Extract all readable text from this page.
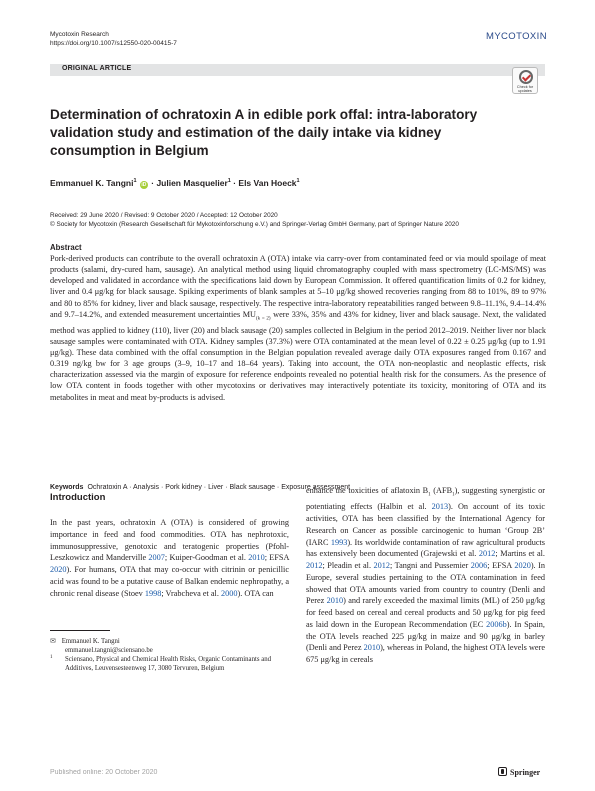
Mycotoxin Research
https://doi.org/10.1007/s12550-020-00415-7
MYCOTOXIN
ORIGINAL ARTICLE
Check for
updates
Determination of ochratoxin A in edible pork offal: intra-laboratory validation study and estimation of the daily intake via kidney consumption in Belgium
Emmanuel K. Tangni$^1$ iD · Julien Masquelier$^1$ · Els Van Hoeck$^1$
Received: 29 June 2020 / Revised: 9 October 2020 / Accepted: 12 October 2020
© Society for Mycotoxin (Research Gesellschaft für Mykotoxinforschung e.V.) and Springer-Verlag GmbH Germany, part of Springer Nature 2020
Abstract

Pork-derived products can contribute to the overall ochratoxin A (OTA) intake via carry-over from contaminated feed or via mould spoilage of meat products (salami, dry-cured ham, sausage). An analytical method using liquid chromatography coupled with mass spectrometry (LC-MS/MS) was developed and validated in accordance with the specifications laid down by European Commission. It offered quantification limits of 0.2 for kidney, liver and 0.4 μg/kg for black sausage. Spiking experiments of blank samples at 5–10 μg/kg showed recoveries ranging from 88 to 101%, 89 to 97% and 80 to 85% for kidney, liver and black sausage, respectively. The respective intra-laboratory repeatabilities ranged between 9.8–11.1%, 9.4–14.4% and 9.7–14.2%, and extended measurement uncertainties $MU_{(k = 2)}$ were 33%, 35% and 43% for kidney, liver and black sausage. Next, the validated method was applied to kidney (110), liver (20) and black sausage (20) samples collected in Belgium in the period 2012–2019. Neither liver nor black sausage samples were contaminated with OTA. Kidney samples (37.3%) were OTA contaminated at the mean level of 0.22 ± 0.25 μg/kg (up to 1.91 μg/kg). These data combined with the offal consumption in the Belgian population revealed average daily OTA exposures ranged from 0.167 and 0.319 ng/kg bw for 3 age groups (3–9, 10–17 and 18–64 years). Taking into account, the OTA non-neoplastic and neoplastic effects, risk characterization assessed via the margin of exposure for reference endpoints revealed no potential health risk for the consumers. As the presence of low OTA content in foods together with other mycotoxins or derivatives may interactively potentiate its toxicity, monitoring of OTA and its metabolites in meat and meat by-products is advised.

Keywords Ochratoxin A · Analysis · Pork kidney · Liver · Black sausage · Exposure assessment
Introduction

In the past years, ochratoxin A (OTA) is considered of growing importance in feed and food commodities. OTA has nephrotoxic, immunosuppressive, genotoxic and teratogenic properties (Pfohl-Leszkowicz and Manderville 2007; Kuiper-Goodman et al. 2010; EFSA 2020). For humans, OTA that may co-occur with citrinin or penicillic acid was found to be a putative cause of Balkan endemic nephropathy, a chronic renal disease (Stoev 1998; Vrabcheva et al. 2000). OTA can

enhance the toxicities of aflatoxin $B_1$ $(AFB_1)$, suggesting synergistic or potentiating effects (Halbin et al. 2013). On account of its toxic activities, OTA has been classified by the International Agency for Research on Cancer as possible carcinogenic to human ‘Group 2B’ (IARC 1993). Its worldwide contamination of raw agricultural products has extensively been documented (Grajewski et al. 2012; Martins et al. 2012; Pleadin et al. 2012; Tangni and Pussemier 2006; EFSA 2020). In Europe, several studies pertaining to the OTA contamination in feed showed that OTA amounts varied from country to country (Denli and Perez 2010) and rarely exceeded the maximal limits (ML) of 250 μg/kg for feed based on cereal and cereal products and 50 μg/kg for pig feed as laid down in the European Recommendation (EC 2006b). In Spain, the OTA levels reached 225 μg/kg in maize and 90 μg/kg in barley (Denli and Perez 2010), whereas in Poland, the highest OTA levels were 675 μg/kg in cereals

✉ Emmanuel K. Tangni
emmanuel.tangni@sciensano.be
1	Sciensano, Physical and Chemical Health Risks, Organic Contaminants and Additives, Leuvensesteenweg 17, 3080 Tervuren, Belgium
Published online: 20 October 2020	Springer
